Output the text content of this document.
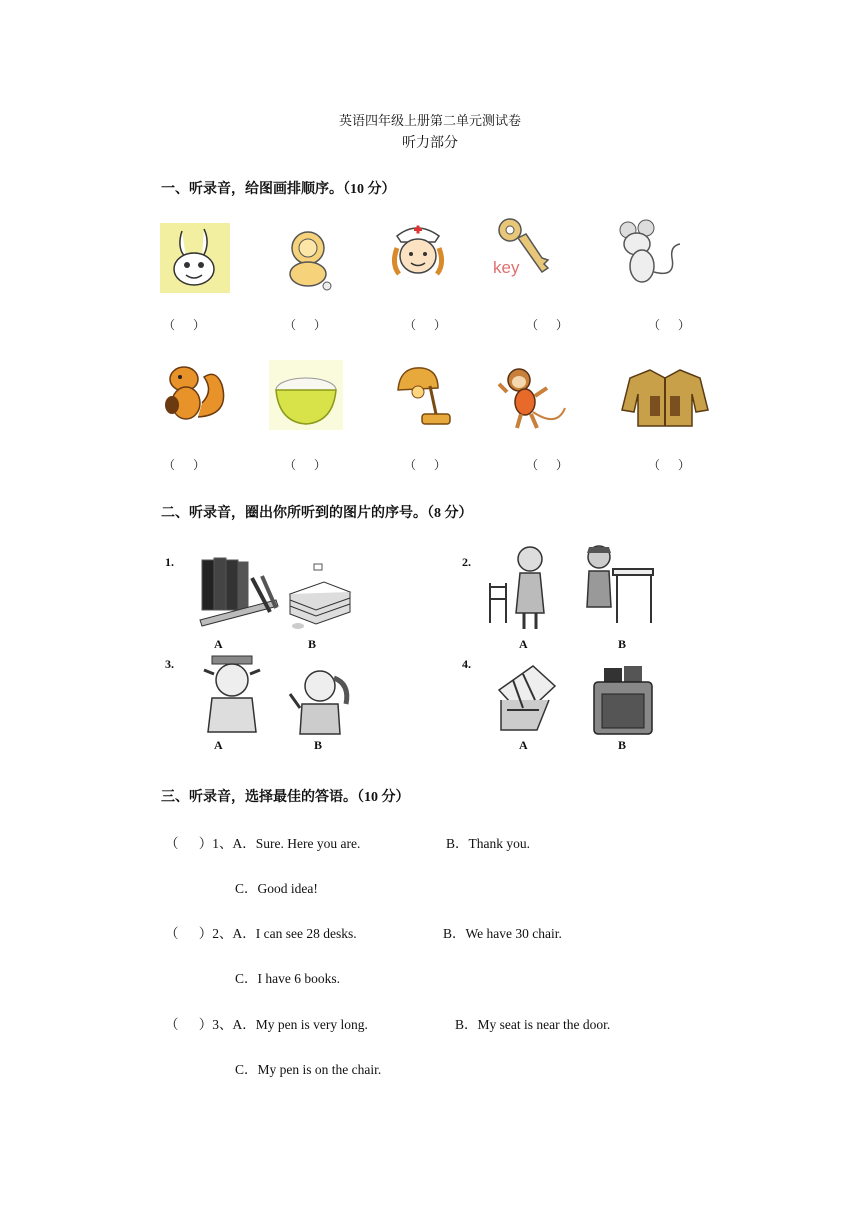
英语四年级上册第二单元测试卷
听力部分
一、听录音，给图画排顺序。（10 分）
key
（      ）	（      ）	（      ）	（      ）	（      ）
（      ）	（      ）	（      ）	（      ）	（      ）
二、听录音，圈出你所听到的图片的序号。（8 分）
1.
A	B
2.
A	B
3.
A	B
4.
A	B
三、听录音，选择最佳的答语。（10 分）
（      ）1、A．Sure. Here you are.	B．Thank you.
C．Good idea!
（      ）2、A．I can see 28 desks.	B．We have 30 chair.
C．I have 6 books.
（      ）3、A．My pen is very long.	B．My seat is near the door.
C．My pen is on the chair.
